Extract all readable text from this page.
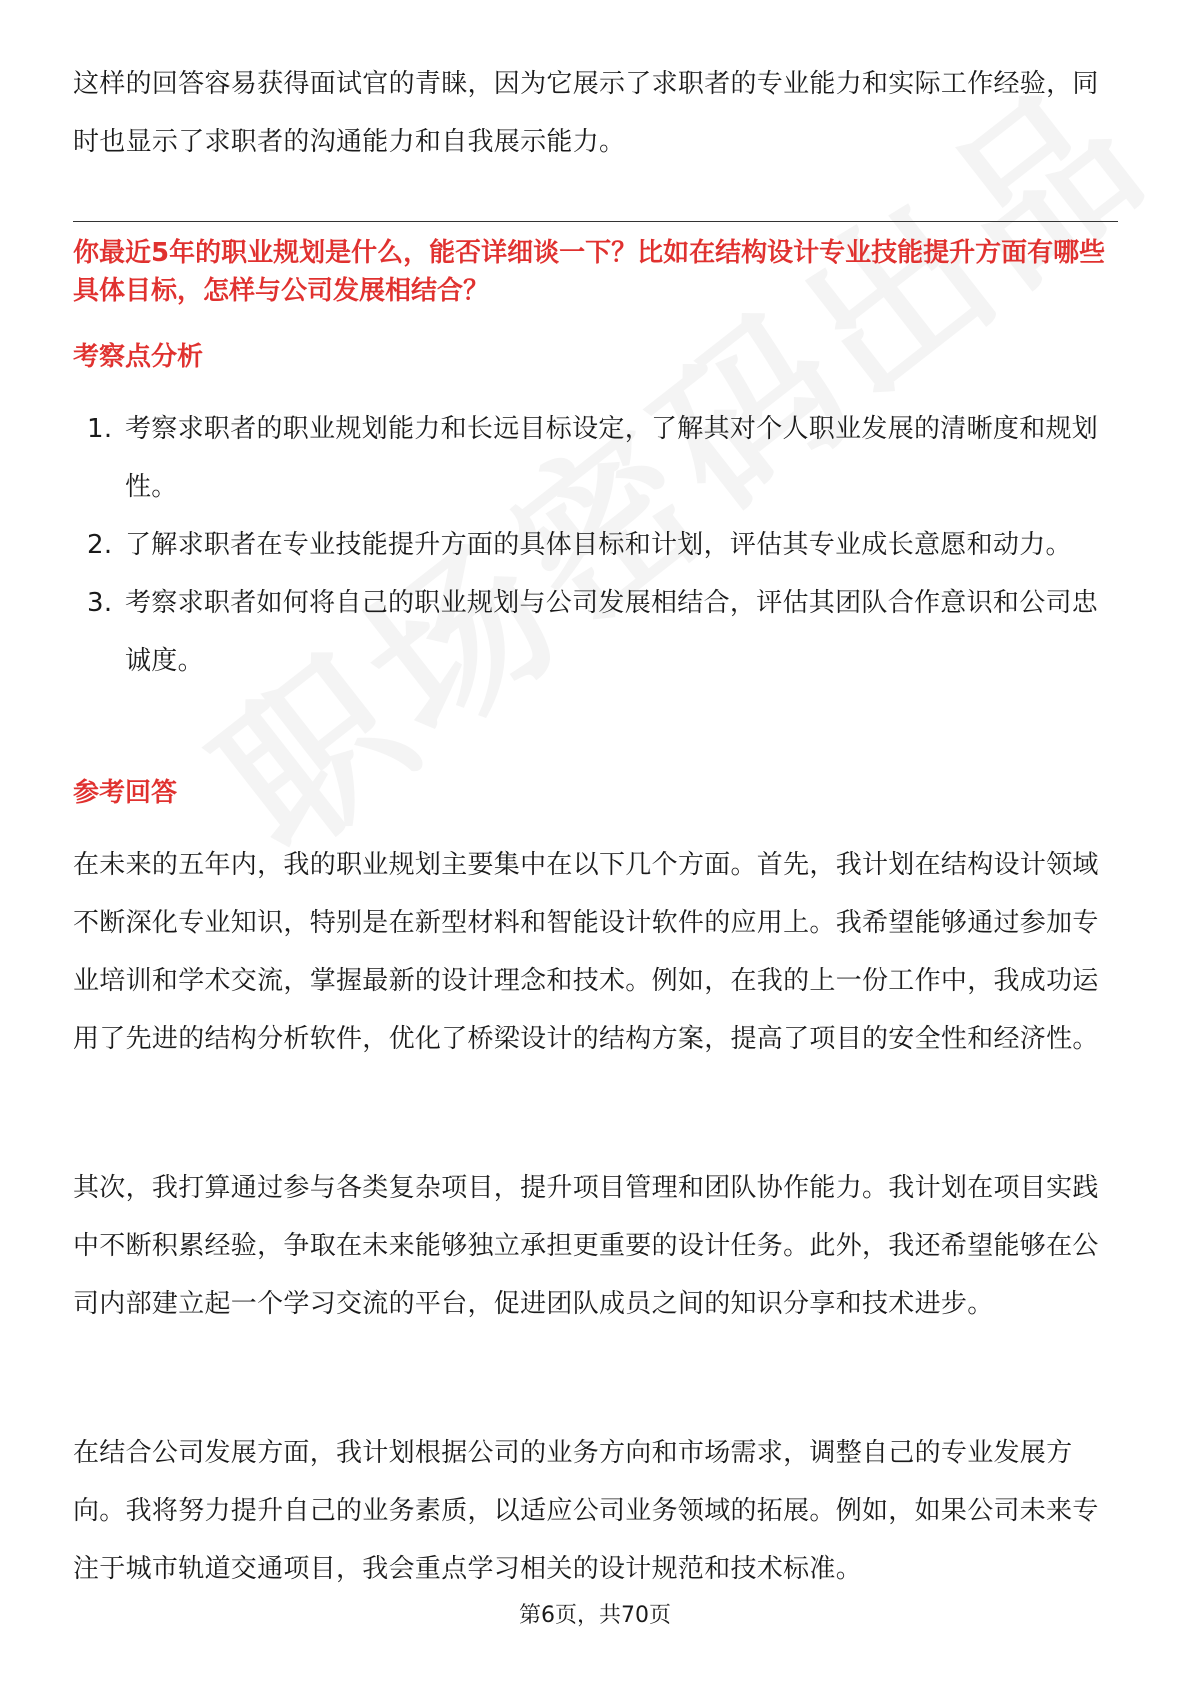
这样的回答容易获得面试官的青睐，因为它展示了求职者的专业能力和实际工作经验，同时也显示了求职者的沟通能力和自我展示能力。

你最近5年的职业规划是什么，能否详细谈一下？比如在结构设计专业技能提升方面有哪些具体目标，怎样与公司发展相结合？

考察点分析
1. 考察求职者的职业规划能力和长远目标设定，了解其对个人职业发展的清晰度和规划性。
2. 了解求职者在专业技能提升方面的具体目标和计划，评估其专业成长意愿和动力。
3. 考察求职者如何将自己的职业规划与公司发展相结合，评估其团队合作意识和公司忠诚度。
参考回答

在未来的五年内，我的职业规划主要集中在以下几个方面。首先，我计划在结构设计领域不断深化专业知识，特别是在新型材料和智能设计软件的应用上。我希望能够通过参加专业培训和学术交流，掌握最新的设计理念和技术。例如，在我的上一份工作中，我成功运用了先进的结构分析软件，优化了桥梁设计的结构方案，提高了项目的安全性和经济性。

其次，我打算通过参与各类复杂项目，提升项目管理和团队协作能力。我计划在项目实践中不断积累经验，争取在未来能够独立承担更重要的设计任务。此外，我还希望能够在公司内部建立起一个学习交流的平台，促进团队成员之间的知识分享和技术进步。

在结合公司发展方面，我计划根据公司的业务方向和市场需求，调整自己的专业发展方向。我将努力提升自己的业务素质，以适应公司业务领域的拓展。例如，如果公司未来专注于城市轨道交通项目，我会重点学习相关的设计规范和技术标准。

第6页，共70页
